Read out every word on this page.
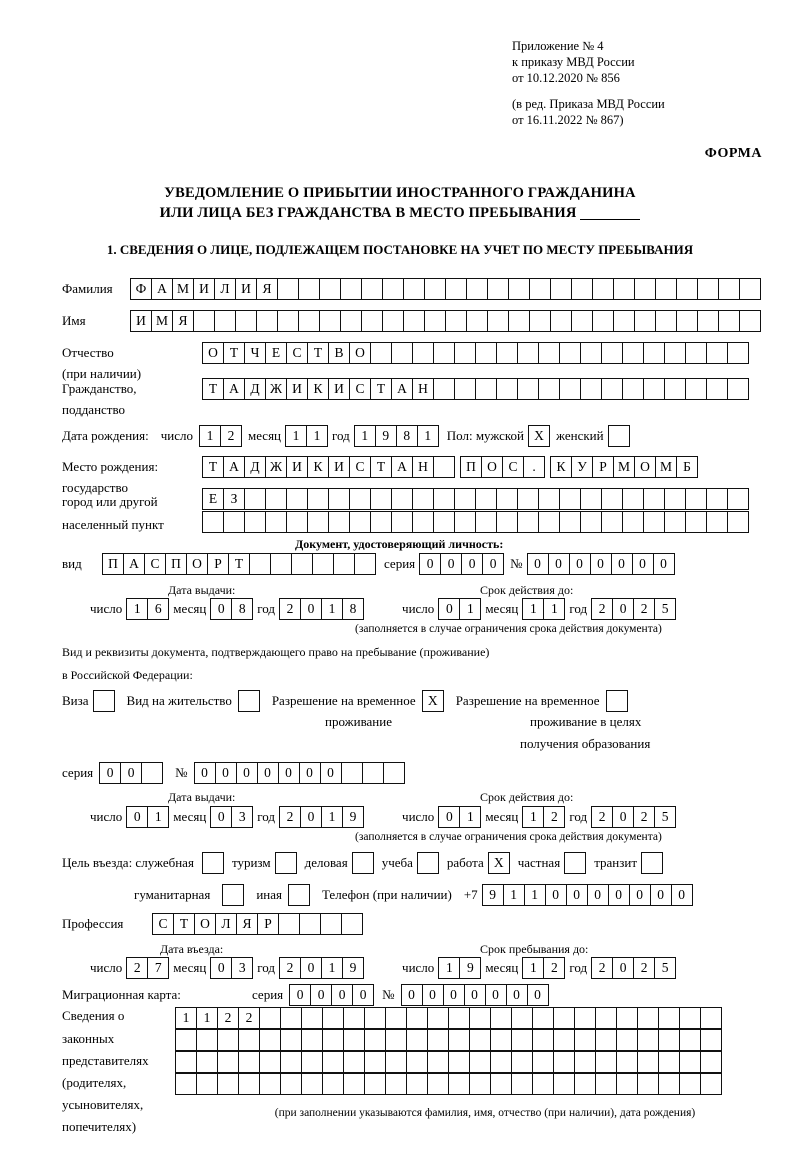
Приложение № 4
к приказу МВД России
от 10.12.2020 № 856
(в ред. Приказа МВД России
от 16.11.2022 № 867)
ФОРМА
УВЕДОМЛЕНИЕ О ПРИБЫТИИ ИНОСТРАННОГО ГРАЖДАНИНА
ИЛИ ЛИЦА БЕЗ ГРАЖДАНСТВА В МЕСТО ПРЕБЫВАНИЯ
1. СВЕДЕНИЯ О ЛИЦЕ, ПОДЛЕЖАЩЕМ ПОСТАНОВКЕ НА УЧЕТ ПО МЕСТУ ПРЕБЫВАНИЯ
Фамилия	Ф А М И Л И Я
Имя	И М Я
Отчество	О Т Ч Е С Т В О
(при наличии)
Гражданство,	Т А Д Ж И К И С Т А Н
подданство
Дата рождения: число	1	2	месяц 1	1 год 1	9	8	1	Пол: мужской X женский
Место рождения:	Т А Д Ж И К И С Т А Н	П О С	.	К У Р М О М Б
государство
Е З
город или другой
населенный пункт
Документ, удостоверяющий личность:
вид	П А С П О Р Т	серия 0	0	0	0	№ 0	0	0	0	0	0	0
Дата выдачи:	Срок действия до:
число 1	6 месяц 0	8 год 2	0	1	8	число 0	1 месяц 1	1 год 2	0	2	5
(заполняется в случае ограничения срока действия документа)
Вид и реквизиты документа, подтверждающего право на пребывание (проживание)
в Российской Федерации:
Виза	Вид на жительство	Разрешение на временное X	Разрешение на временное
проживание	проживание в целях
получения образования
серия	0	0	№	0	0	0	0	0	0	0
Дата выдачи:	Срок действия до:
число 0	1 месяц 0	3 год 2	0	1	9	число 0	1 месяц 1	2 год 2	0	2	5
(заполняется в случае ограничения срока действия документа)
Цель въезда: служебная	туризм	деловая	учеба	работа X	частная	транзит
гуманитарная	иная	Телефон (при наличии) +7 9	1	1	0	0	0	0	0	0	0
Профессия	С Т О Л Я Р
Дата въезда:	Срок пребывания до:
число 2	7 месяц 0	3 год 2	0	1	9	число 1	9 месяц 1	2 год 2	0	2	5
Миграционная карта:	серия	0	0	0	0	№	0	0	0	0	0	0	0
Сведения о
законных
представителях
(родителях,
усыновителях,
попечителях)
1	1	2	2
(при заполнении указываются фамилия, имя, отчество (при наличии), дата рождения)
